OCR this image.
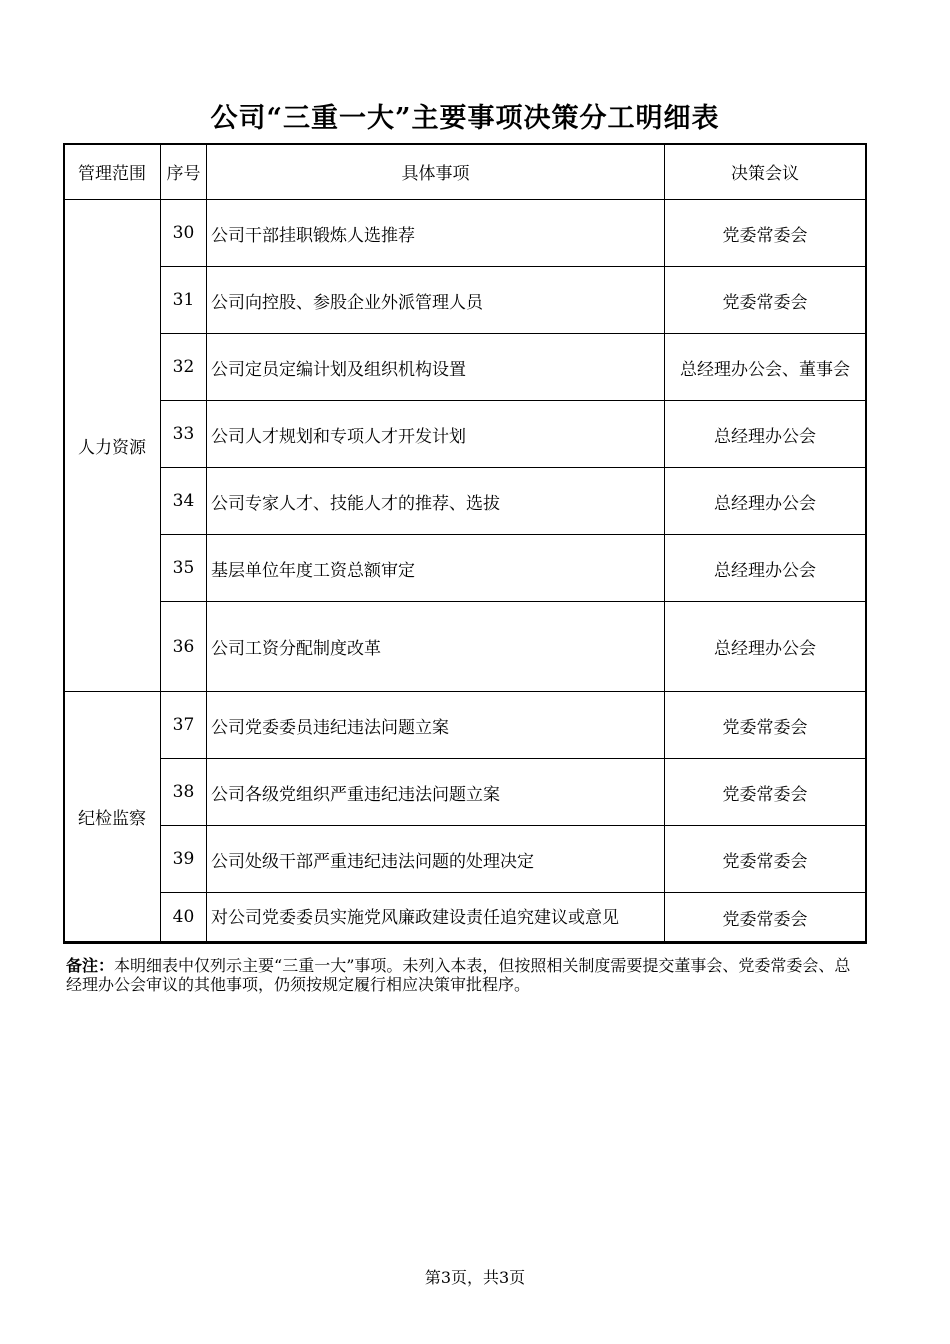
公司“三重一大”主要事项决策分工明细表
管理范围	序号	具体事项	决策会议
人力资源	30	公司干部挂职锻炼人选推荐	党委常委会
	31	公司向控股、参股企业外派管理人员	党委常委会
	32	公司定员定编计划及组织机构设置	总经理办公会、董事会
	33	公司人才规划和专项人才开发计划	总经理办公会
	34	公司专家人才、技能人才的推荐、选拔	总经理办公会
	35	基层单位年度工资总额审定	总经理办公会
	36	公司工资分配制度改革	总经理办公会
纪检监察	37	公司党委委员违纪违法问题立案	党委常委会
	38	公司各级党组织严重违纪违法问题立案	党委常委会
	39	公司处级干部严重违纪违法问题的处理决定	党委常委会
	40	对公司党委委员实施党风廉政建设责任追究建议或意见	党委常委会
备注：本明细表中仅列示主要“三重一大”事项。未列入本表，但按照相关制度需要提交董事会、党委常委会、总经理办公会审议的其他事项，仍须按规定履行相应决策审批程序。
第3页，共3页
